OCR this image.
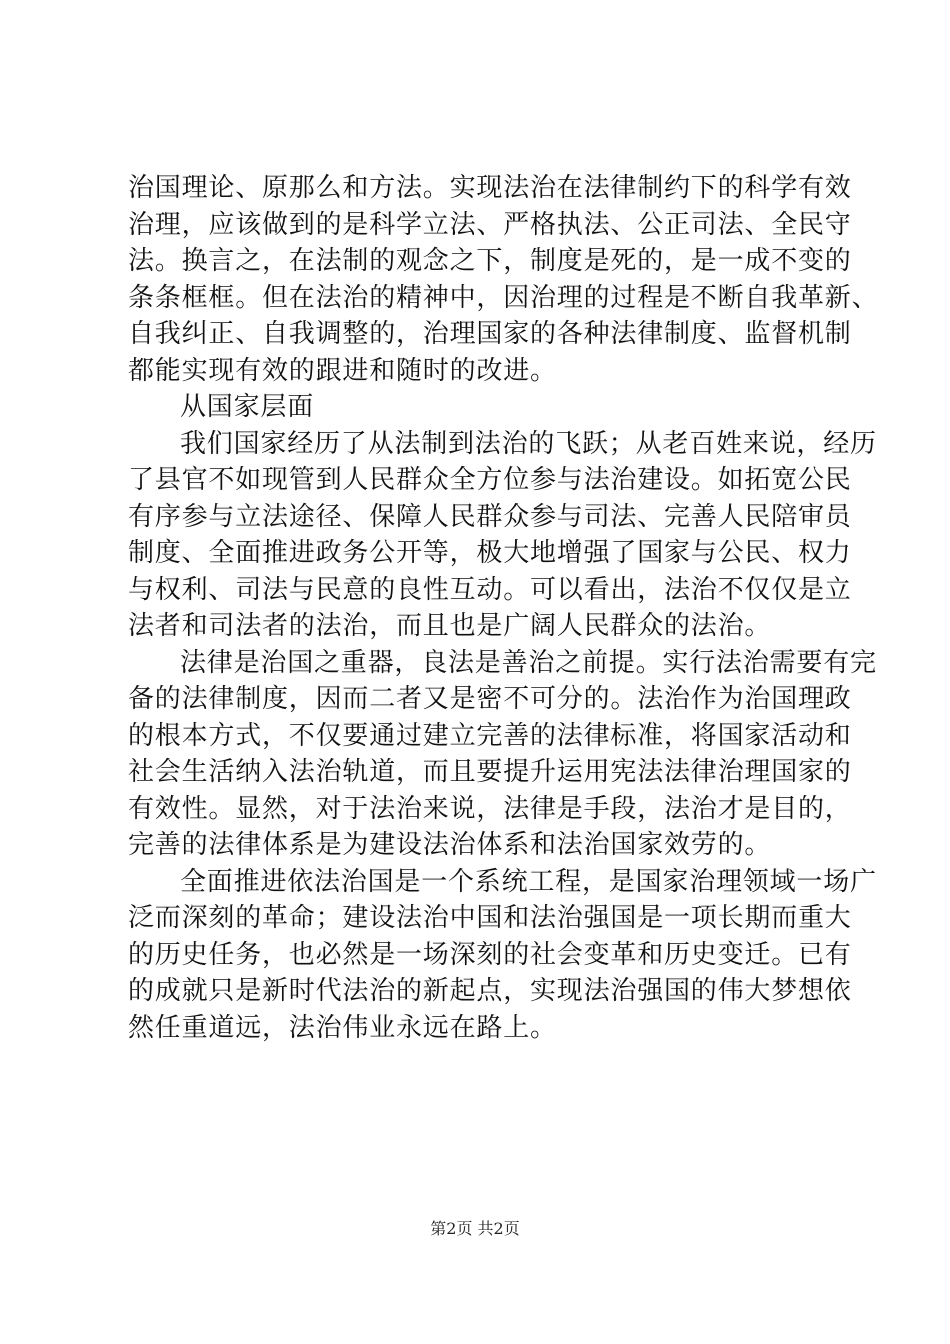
治国理论、原那么和方法。实现法治在法律制约下的科学有效
治理，应该做到的是科学立法、严格执法、公正司法、全民守
法。换言之，在法制的观念之下，制度是死的，是一成不变的
条条框框。但在法治的精神中，因治理的过程是不断自我革新、
自我纠正、自我调整的，治理国家的各种法律制度、监督机制
都能实现有效的跟进和随时的改进。
从国家层面
我们国家经历了从法制到法治的飞跃；从老百姓来说，经历
了县官不如现管到人民群众全方位参与法治建设。如拓宽公民
有序参与立法途径、保障人民群众参与司法、完善人民陪审员
制度、全面推进政务公开等，极大地增强了国家与公民、权力
与权利、司法与民意的良性互动。可以看出，法治不仅仅是立
法者和司法者的法治，而且也是广阔人民群众的法治。
法律是治国之重器，良法是善治之前提。实行法治需要有完
备的法律制度，因而二者又是密不可分的。法治作为治国理政
的根本方式，不仅要通过建立完善的法律标准，将国家活动和
社会生活纳入法治轨道，而且要提升运用宪法法律治理国家的
有效性。显然，对于法治来说，法律是手段，法治才是目的，
完善的法律体系是为建设法治体系和法治国家效劳的。
全面推进依法治国是一个系统工程，是国家治理领域一场广
泛而深刻的革命；建设法治中国和法治强国是一项长期而重大
的历史任务，也必然是一场深刻的社会变革和历史变迁。已有
的成就只是新时代法治的新起点，实现法治强国的伟大梦想依
然任重道远，法治伟业永远在路上。
第2页 共2页
